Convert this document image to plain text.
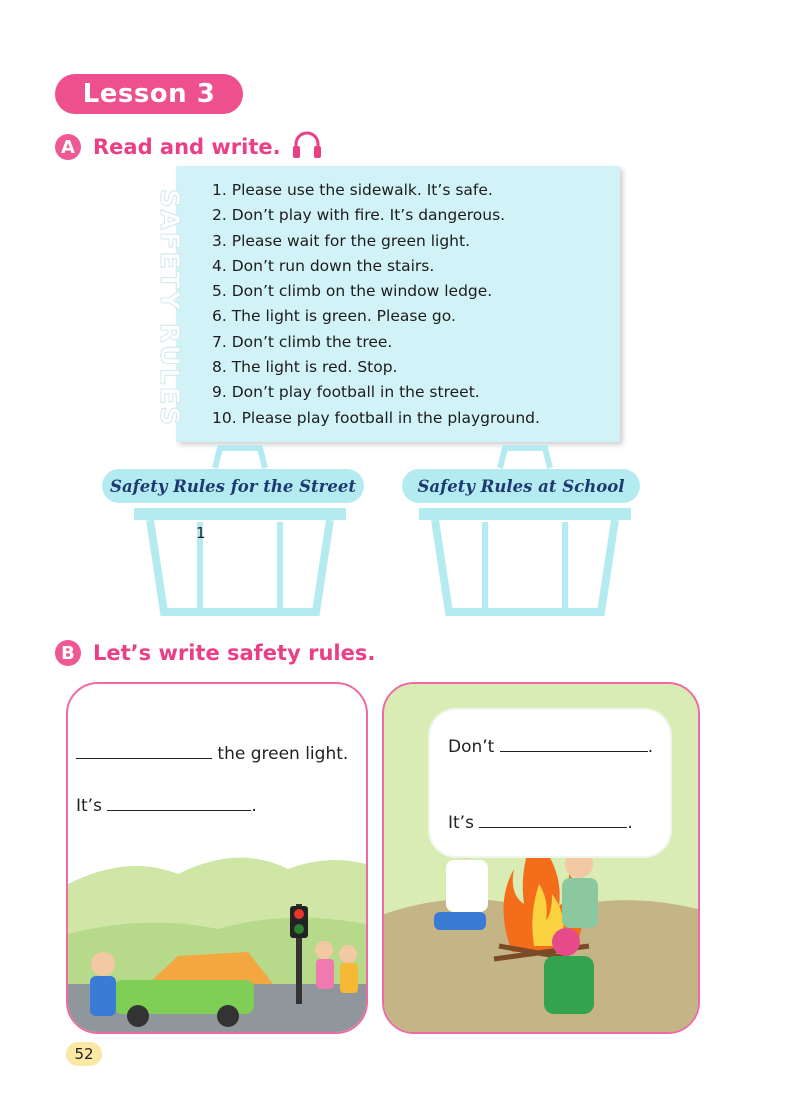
Lesson 3
A Read and write.
SAFETY RULES 1. Please use the sidewalk. It’s safe.
2. Don’t play with fire. It’s dangerous.
3. Please wait for the green light.
4. Don’t run down the stairs.
5. Don’t climb on the window ledge.
6. The light is green. Please go.
7. Don’t climb the tree.
8. The light is red. Stop.
9. Don’t play football in the street.
10. Please play football in the playground.
Safety Rules for the Street
1
Safety Rules at School
B Let’s write safety rules.
the green light.
It’s	.
Don’t	.
It’s	.
52
